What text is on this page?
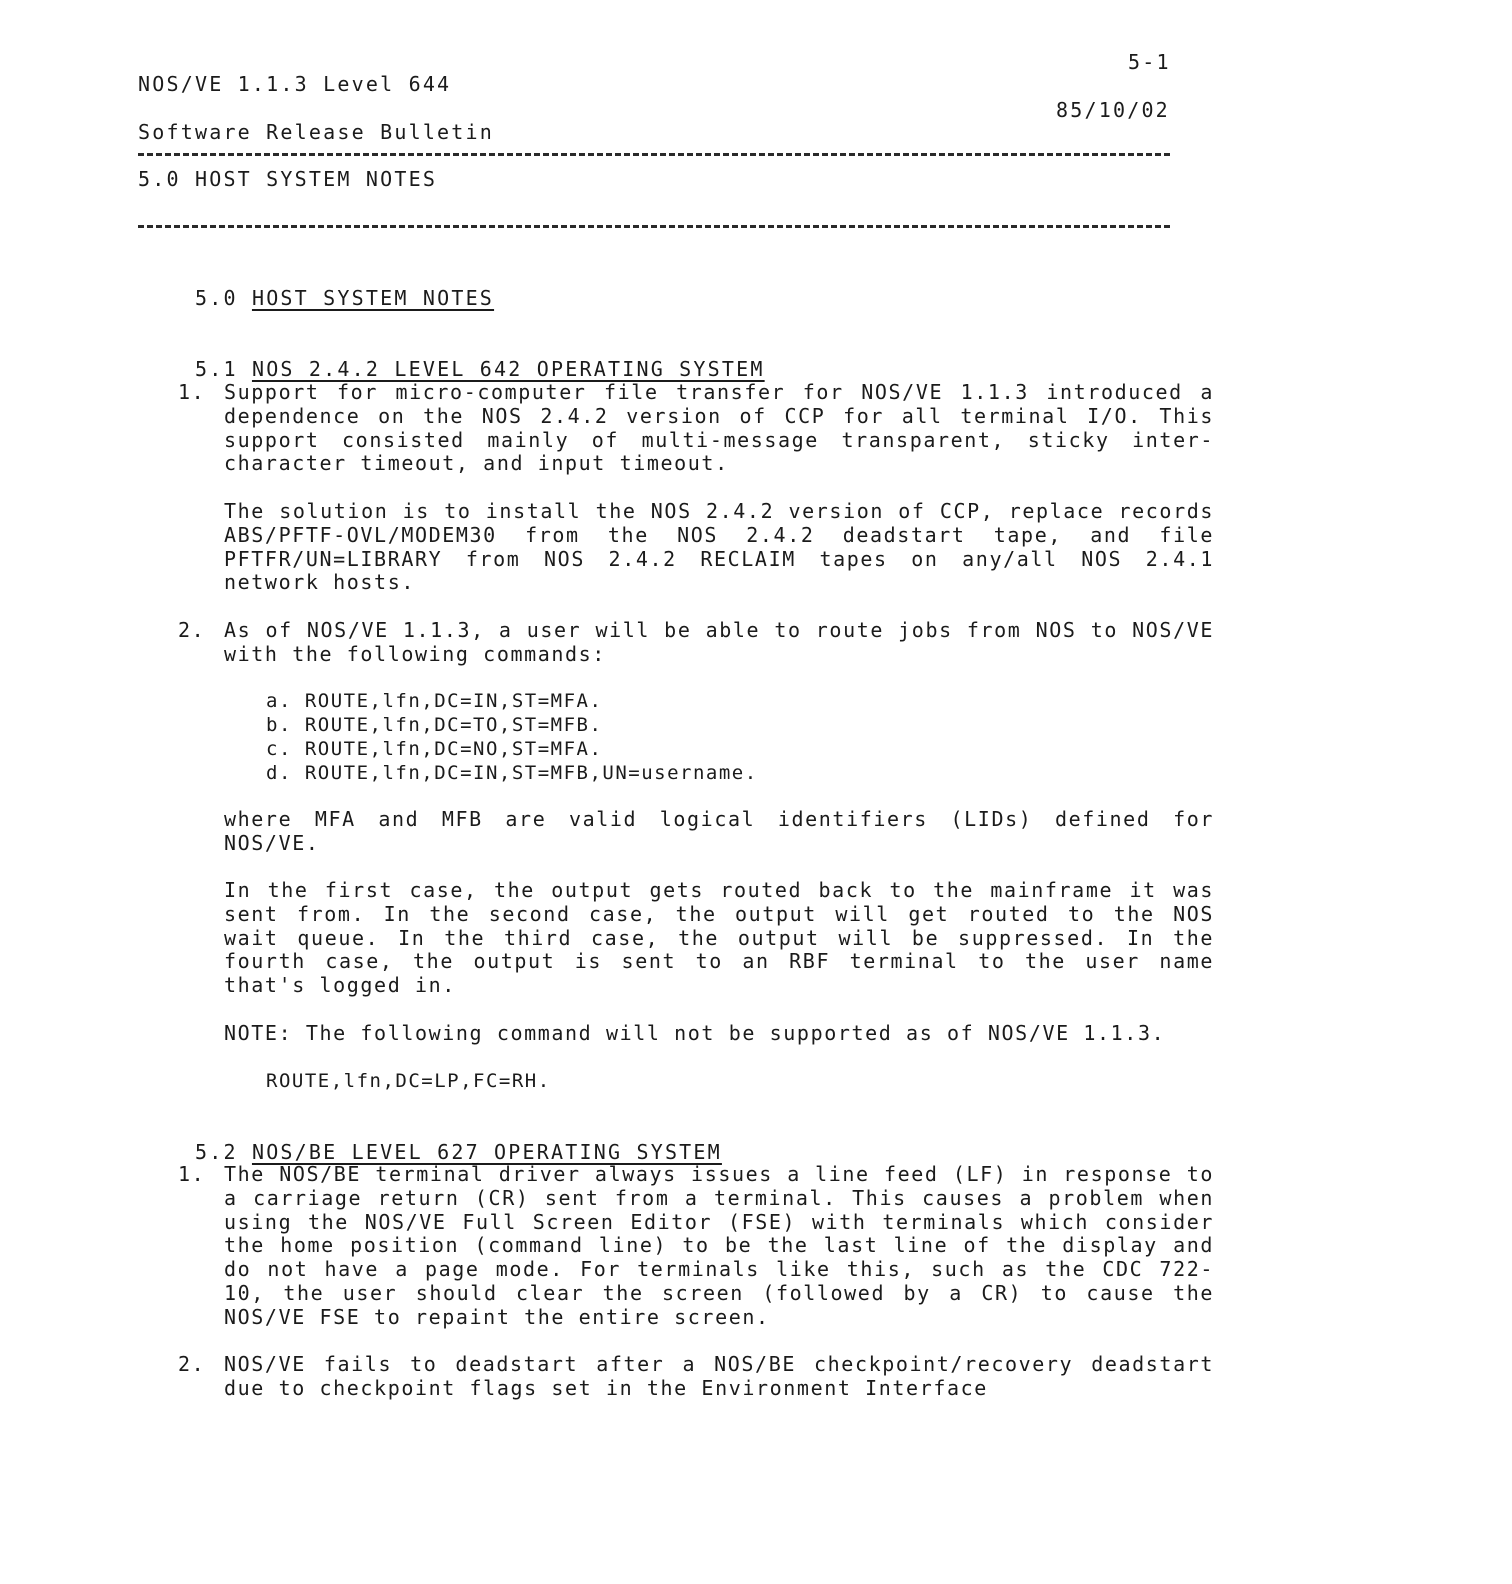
5-1
NOS/VE 1.1.3 Level 644
85/10/02
Software Release Bulletin
5.0 HOST SYSTEM NOTES

5.0 HOST_SYSTEM_NOTES

5.1 NOS_2.4.2_LEVEL_642_OPERATING_SYSTEM

1. Support for micro-computer file transfer for NOS/VE 1.1.3 introduced a dependence on the NOS 2.4.2 version of CCP for all terminal I/O. This support consisted mainly of multi-message transparent, sticky inter-character timeout, and input timeout.

The solution is to install the NOS 2.4.2 version of CCP, replace records ABS/PFTF-OVL/MODEM30 from the NOS 2.4.2 deadstart tape, and file PFTFR/UN=LIBRARY from NOS 2.4.2 RECLAIM tapes on any/all NOS 2.4.1 network hosts.

2. As of NOS/VE 1.1.3, a user will be able to route jobs from NOS to NOS/VE with the following commands:

a. ROUTE,lfn,DC=IN,ST=MFA.
b. ROUTE,lfn,DC=TO,ST=MFB.
c. ROUTE,lfn,DC=NO,ST=MFA.
d. ROUTE,lfn,DC=IN,ST=MFB,UN=username.

where MFA and MFB are valid logical identifiers (LIDs) defined for NOS/VE.

In the first case, the output gets routed back to the mainframe it was sent from. In the second case, the output will get routed to the NOS wait queue. In the third case, the output will be suppressed. In the fourth case, the output is sent to an RBF terminal to the user name that's logged in.

NOTE: The following command will not be supported as of NOS/VE 1.1.3.
ROUTE,lfn,DC=LP,FC=RH.

5.2 NOS/BE_LEVEL_627_OPERATING_SYSTEM

1. The NOS/BE terminal driver always issues a line feed (LF) in response to a carriage return (CR) sent from a terminal. This causes a problem when using the NOS/VE Full Screen Editor (FSE) with terminals which consider the home position (command line) to be the last line of the display and do not have a page mode. For terminals like this, such as the CDC 722-10, the user should clear the screen (followed by a CR) to cause the NOS/VE FSE to repaint the entire screen.

2. NOS/VE fails to deadstart after a NOS/BE checkpoint/recovery deadstart due to checkpoint flags set in the Environment Interface
